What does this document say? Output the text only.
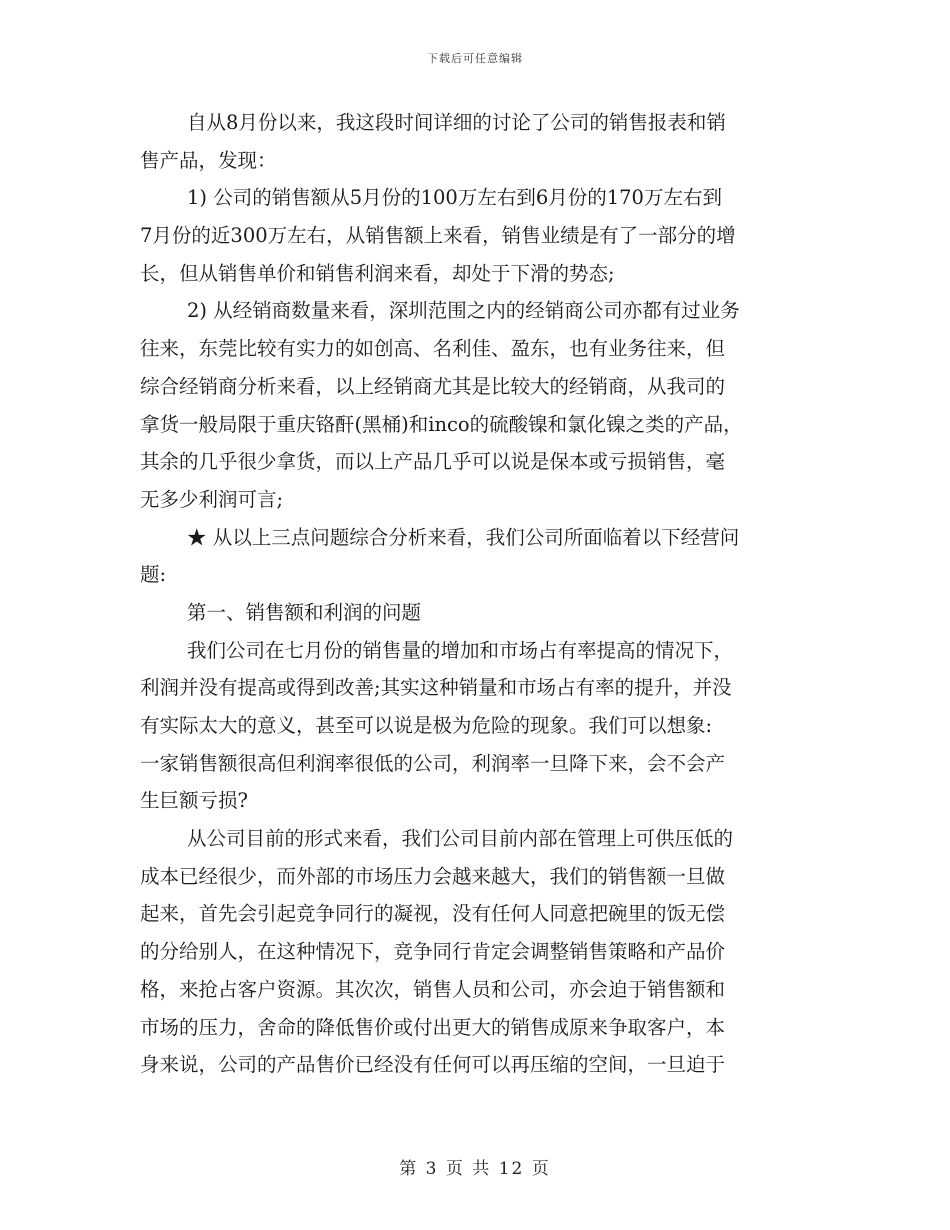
下载后可任意编辑
自从8月份以来，我这段时间详细的讨论了公司的销售报表和销
售产品，发现：
1) 公司的销售额从5月份的100万左右到6月份的170万左右到
7月份的近300万左右，从销售额上来看，销售业绩是有了一部分的增
长，但从销售单价和销售利润来看，却处于下滑的势态;
2) 从经销商数量来看，深圳范围之内的经销商公司亦都有过业务
往来，东莞比较有实力的如创高、名利佳、盈东，也有业务往来，但
综合经销商分析来看，以上经销商尤其是比较大的经销商，从我司的
拿货一般局限于重庆铬酐(黑桶)和inco的硫酸镍和氯化镍之类的产品，
其余的几乎很少拿货，而以上产品几乎可以说是保本或亏损销售，毫
无多少利润可言;
★ 从以上三点问题综合分析来看，我们公司所面临着以下经营问
题:
第一、销售额和利润的问题
我们公司在七月份的销售量的增加和市场占有率提高的情况下，
利润并没有提高或得到改善;其实这种销量和市场占有率的提升，并没
有实际太大的意义，甚至可以说是极为危险的现象。我们可以想象:
一家销售额很高但利润率很低的公司，利润率一旦降下来，会不会产
生巨额亏损?
从公司目前的形式来看，我们公司目前内部在管理上可供压低的
成本已经很少，而外部的市场压力会越来越大，我们的销售额一旦做
起来，首先会引起竞争同行的凝视，没有任何人同意把碗里的饭无偿
的分给别人，在这种情况下，竞争同行肯定会调整销售策略和产品价
格，来抢占客户资源。其次次，销售人员和公司，亦会迫于销售额和
市场的压力，舍命的降低售价或付出更大的销售成原来争取客户，本
身来说，公司的产品售价已经没有任何可以再压缩的空间，一旦迫于
第 3 页 共 12 页
